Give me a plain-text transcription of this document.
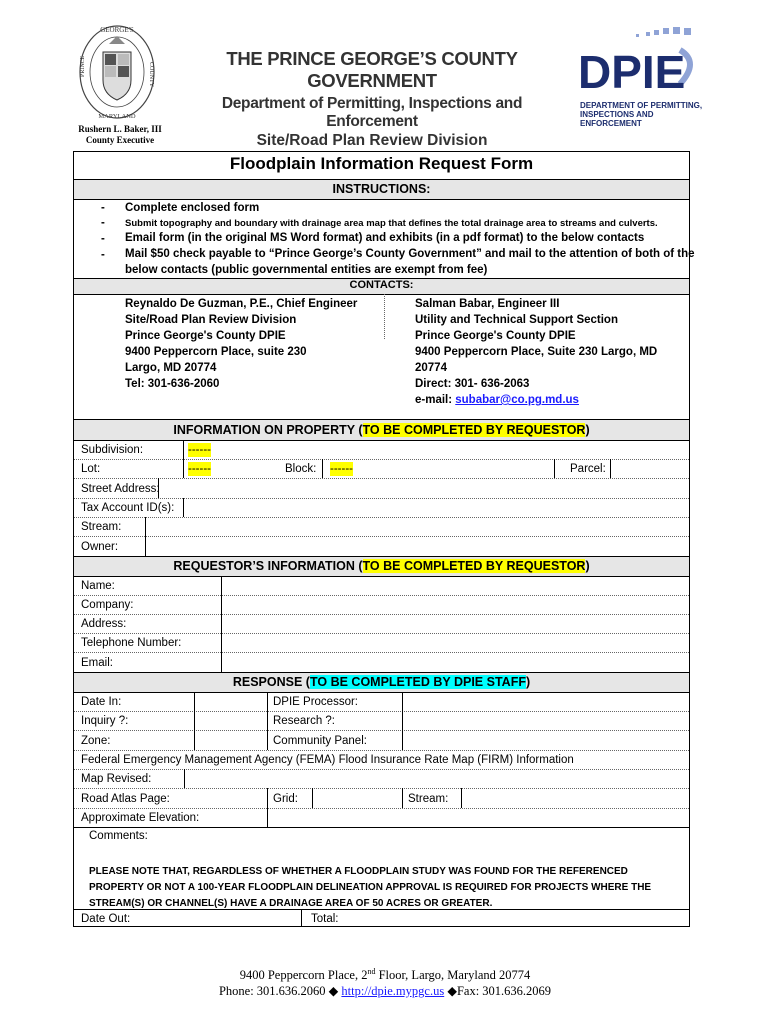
GEORGE'S
PRINCE	COUNTY
MARYLAND
Rushern L. Baker, III
County Executive
THE PRINCE GEORGE’S COUNTY GOVERNMENT
Department of Permitting, Inspections and Enforcement
Site/Road Plan Review Division
DPIE
DEPARTMENT OF PERMITTING,
INSPECTIONS AND ENFORCEMENT
Floodplain Information Request Form
INSTRUCTIONS:
- Complete enclosed form
- Submit topography and boundary with drainage area map that defines the total drainage area to streams and culverts.
- Email form (in the original MS Word format) and exhibits (in a pdf format) to the below contacts
- Mail $50 check payable to “Prince George’s County Government” and mail to the attention of both of the
below contacts (public governmental entities are exempt from fee)
CONTACTS:
Reynaldo De Guzman, P.E., Chief Engineer
Site/Road Plan Review Division
Prince George's County DPIE
9400 Peppercorn Place, suite 230
Largo, MD 20774
Tel: 301-636-2060
Salman Babar, Engineer III
Utility and Technical Support Section
Prince George's County DPIE
9400 Peppercorn Place, Suite 230 Largo, MD 20774
Direct: 301- 636-2063
e-mail: subabar@co.pg.md.us
INFORMATION ON PROPERTY (TO BE COMPLETED BY REQUESTOR)
Subdivision:	------
Lot:	------	Block: ------	Parcel:
Street Address:
Tax Account ID(s):
Stream:
Owner:
REQUESTOR’S INFORMATION (TO BE COMPLETED BY REQUESTOR)
Name:
Company:
Address:
Telephone Number:
Email:
RESPONSE (TO BE COMPLETED BY DPIE STAFF)
Date In:	DPIE Processor:
Inquiry ?:	Research ?:
Zone:	Community Panel:
Federal Emergency Management Agency (FEMA) Flood Insurance Rate Map (FIRM) Information
Map Revised:
Road Atlas Page:	Grid:	Stream:
Approximate Elevation:
Comments:
PLEASE NOTE THAT, REGARDLESS OF WHETHER A FLOODPLAIN STUDY WAS FOUND FOR THE REFERENCED
PROPERTY OR NOT A 100-YEAR FLOODPLAIN DELINEATION APPROVAL IS REQUIRED FOR PROJECTS WHERE THE
STREAM(S) OR CHANNEL(S) HAVE A DRAINAGE AREA OF 50 ACRES OR GREATER.
Date Out:	Total:
9400 Peppercorn Place, 2nd Floor, Largo, Maryland 20774
Phone: 301.636.2060 ◆ http://dpie.mypgc.us ◆Fax: 301.636.2069
